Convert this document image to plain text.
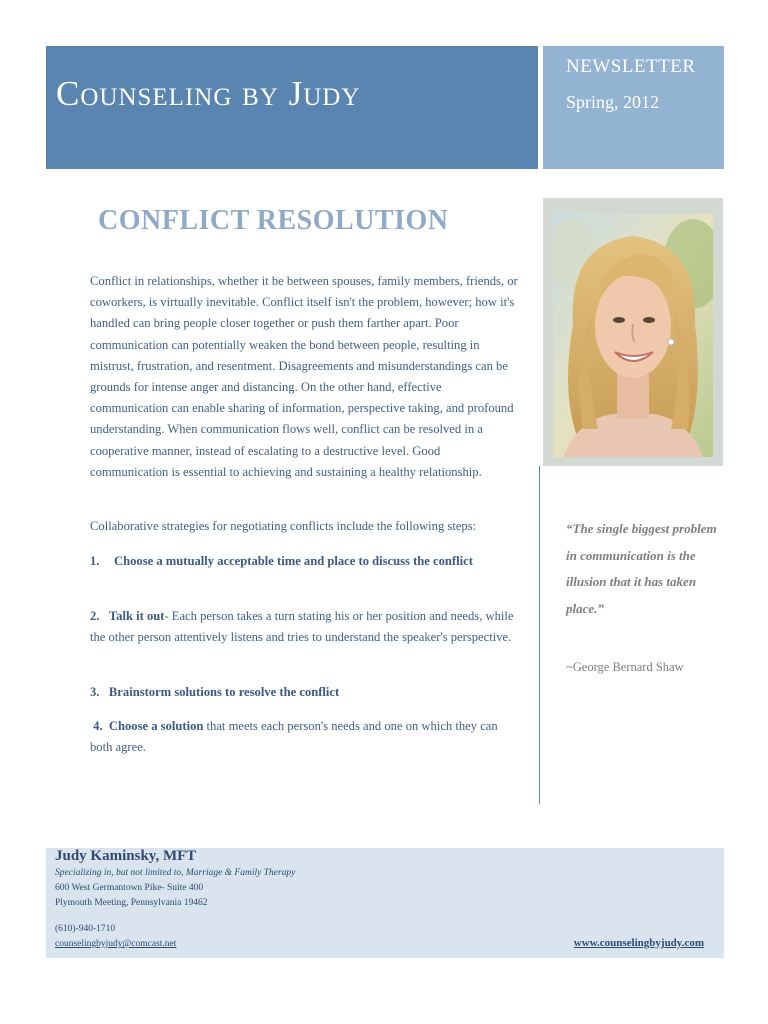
Counseling by Judy
NEWSLETTER
Spring, 2012
CONFLICT RESOLUTION
Conflict in relationships, whether it be between spouses, family members, friends, or coworkers, is virtually inevitable. Conflict itself isn't the problem, however; how it's handled can bring people closer together or push them farther apart. Poor communication can potentially weaken the bond between people, resulting in mistrust, frustration, and resentment. Disagreements and misunderstandings can be grounds for intense anger and distancing. On the other hand, effective communication can enable sharing of information, perspective taking, and profound understanding. When communication flows well, conflict can be resolved in a cooperative manner, instead of escalating to a destructive level. Good communication is essential to achieving and sustaining a healthy relationship.
Collaborative strategies for negotiating conflicts include the following steps:
1. Choose a mutually acceptable time and place to discuss the conflict
2. Talk it out- Each person takes a turn stating his or her position and needs, while the other person attentively listens and tries to understand the speaker's perspective.
3. Brainstorm solutions to resolve the conflict
4. Choose a solution that meets each person's needs and one on which they can both agree.
“The single biggest problem in communication is the illusion that it has taken place.”
~George Bernard Shaw
Judy Kaminsky, MFT
Specializing in, but not limited to, Marriage & Family Therapy
600 West Germantown Pike- Suite 400
Plymouth Meeting, Pennsylvania 19462
(610)-940-1710
counselingbyjudy@comcast.net	www.counselingbyjudy.com
